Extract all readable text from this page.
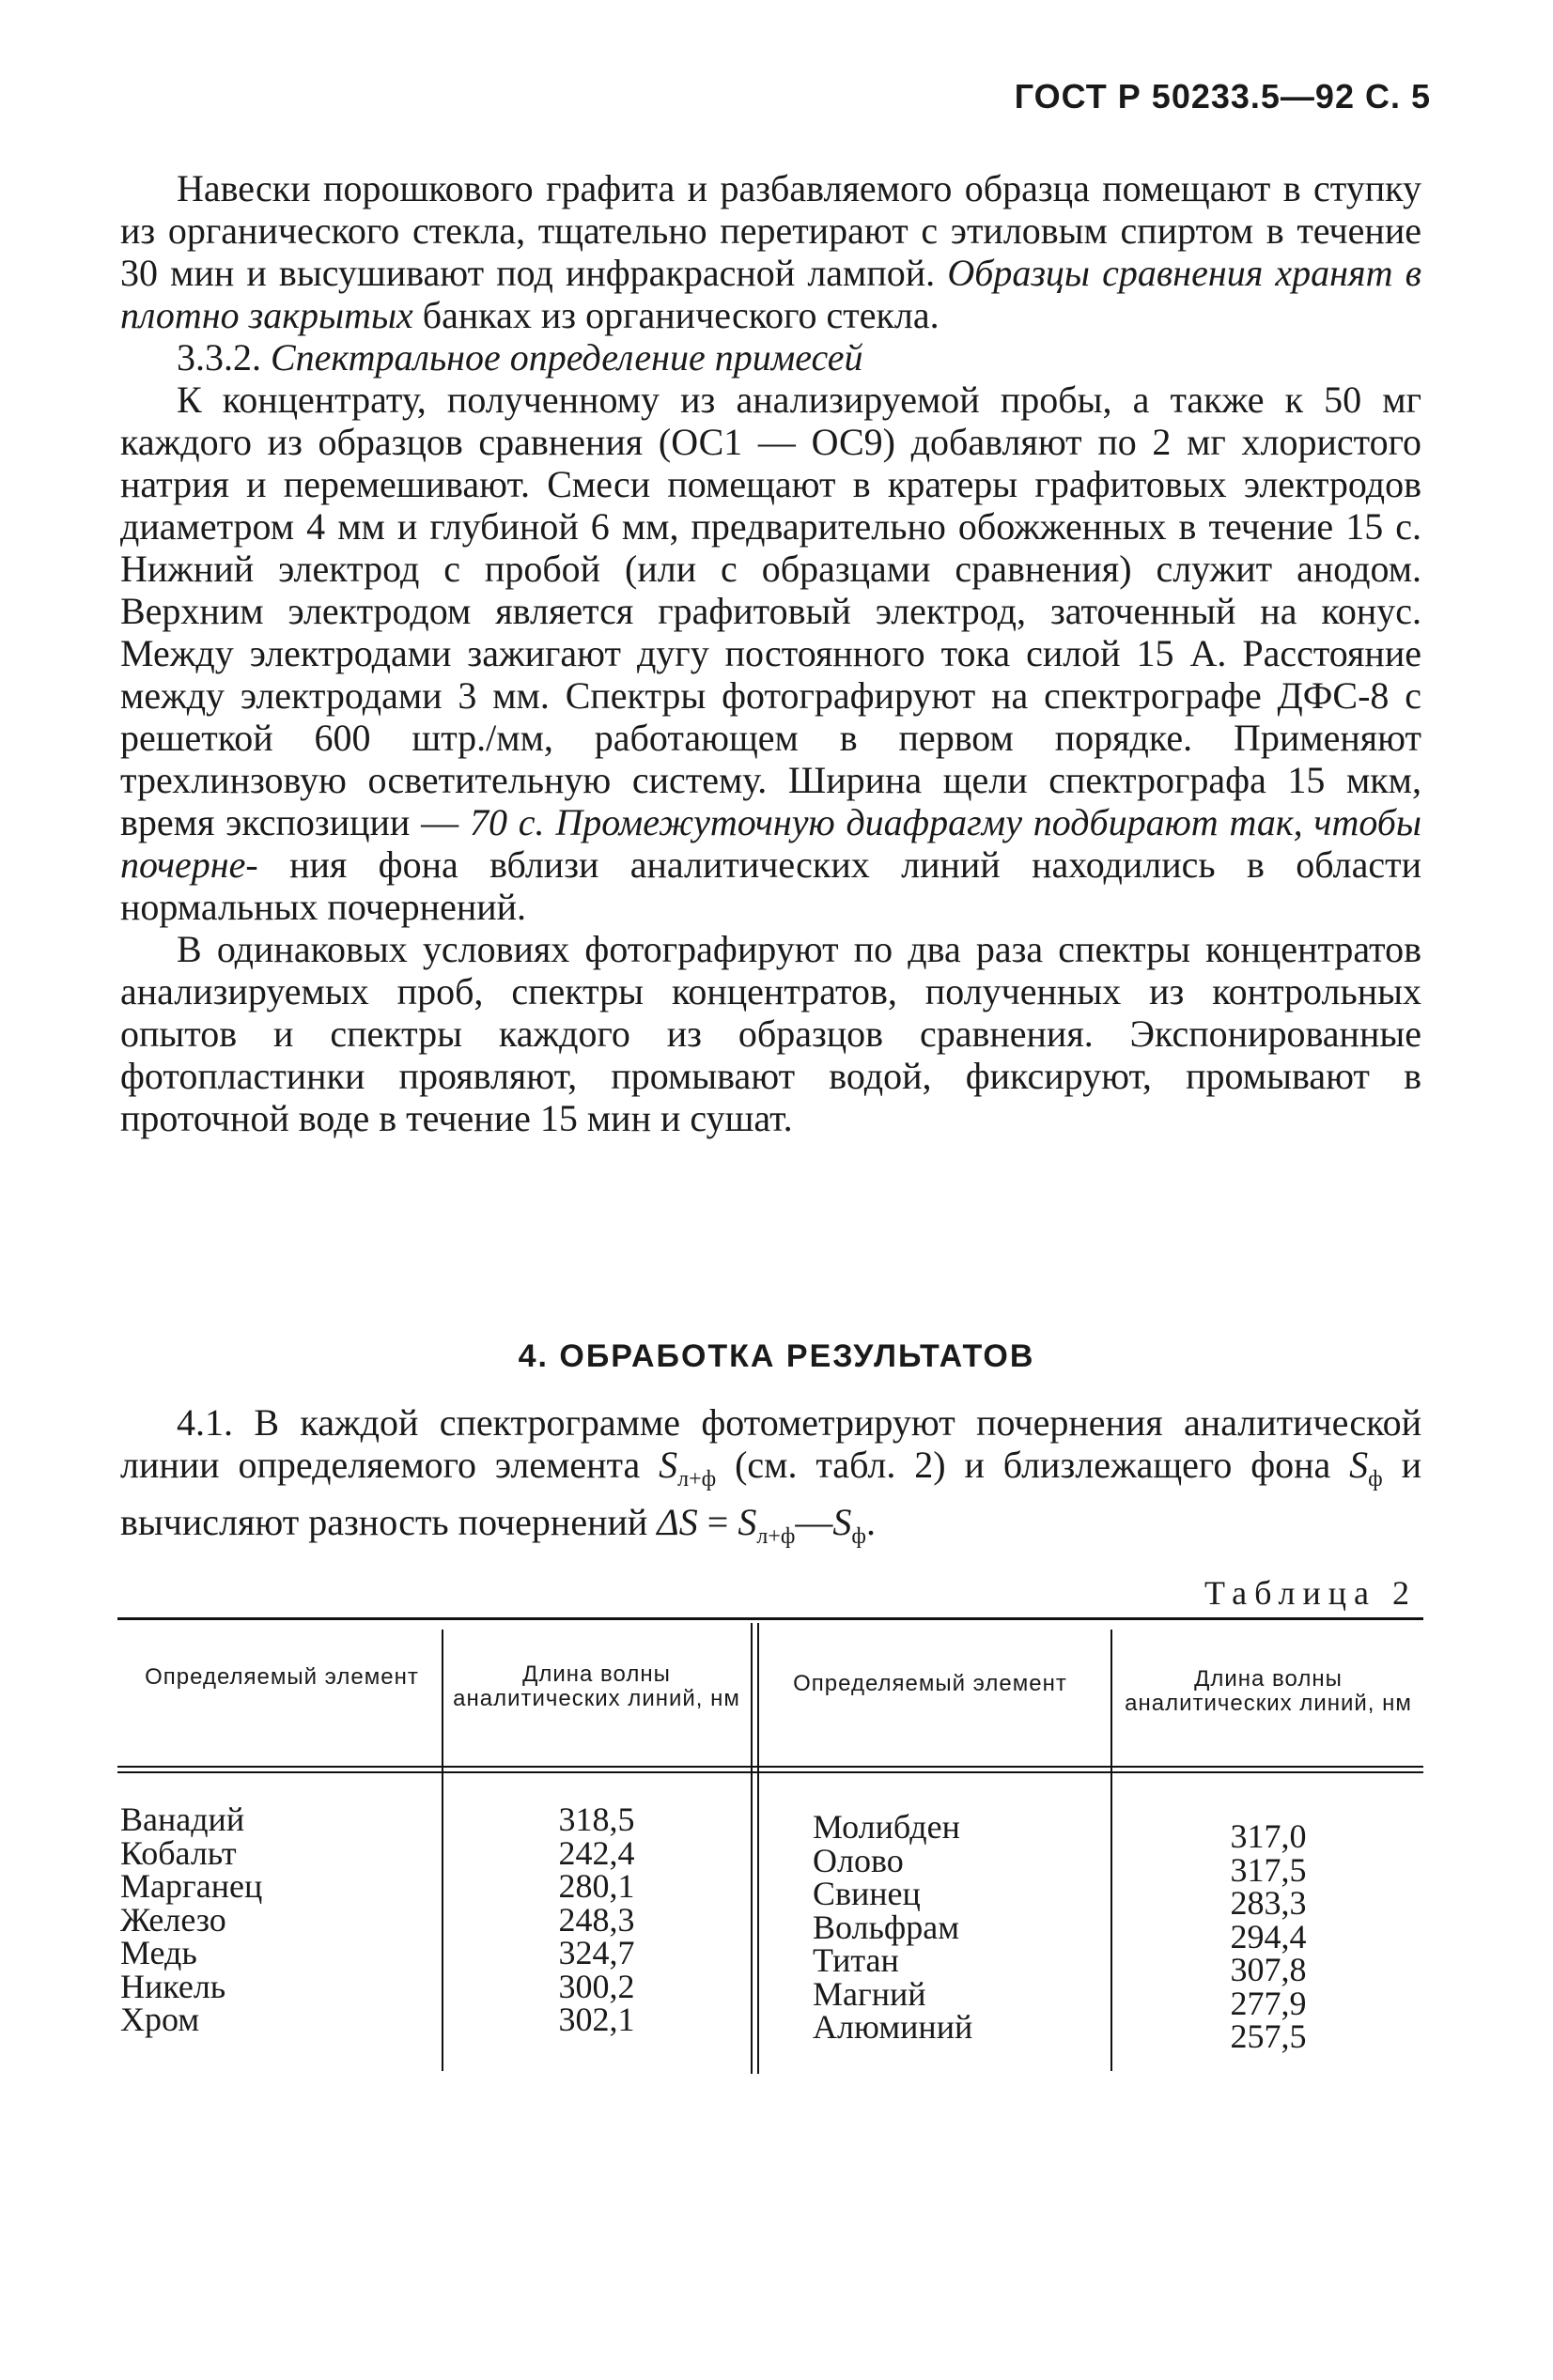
ГОСТ Р 50233.5—92 С. 5

Навески порошкового графита и разбавляемого образца помещают в ступку из органического стекла, тщательно перетирают с этиловым спиртом в течение 30 мин и высушивают под инфракрасной лампой. Образцы сравнения хранят в плотно закрытых банках из органического стекла.

3.3.2. Спектральное определение примесей

К концентрату, полученному из анализируемой пробы, а также к 50 мг каждого из образцов сравнения (ОС1 — ОС9) добавляют по 2 мг хлористого натрия и перемешивают. Смеси помещают в кратеры графитовых электродов диаметром 4 мм и глубиной 6 мм, предварительно обожженных в течение 15 с. Нижний электрод с пробой (или с образцами сравнения) служит анодом. Верхним электродом является графитовый электрод, заточенный на конус. Между электродами зажигают дугу постоянного тока силой 15 А. Расстояние между электродами 3 мм. Спектры фотографируют на спектрографе ДФС-8 с решеткой 600 штр./мм, работающем в первом порядке. Применяют трехлинзовую осветительную систему. Ширина щели спектрографа 15 мкм, время экспозиции — 70 с. Промежуточную диафрагму подбирают так, чтобы почерне- ния фона вблизи аналитических линий находились в области нормальных почернений.

В одинаковых условиях фотографируют по два раза спектры концентратов анализируемых проб, спектры концентратов, полученных из контрольных опытов и спектры каждого из образцов сравнения. Экспонированные фотопластинки проявляют, промывают водой, фиксируют, промывают в проточной воде в течение 15 мин и сушат.

4. ОБРАБОТКА РЕЗУЛЬТАТОВ

4.1. В каждой спектрограмме фотометрируют почернения аналитической линии определяемого элемента $S_{л+ф}$ (см. табл. 2) и близлежащего фона $S_ф$ и вычисляют разность почернений $\Delta S = S_{л+ф}—S_ф$.

Таблица 2
Определяемый элемент	Длина волны аналитических линий, нм
Определяемый элемент	Длина волны аналитических линий, нм
Ванадий
Кобальт
Марганец
Железо
Медь
Никель
Хром
318,5
242,4
280,1
248,3
324,7
300,2
302,1
Молибден
Олово
Свинец
Вольфрам
Титан
Магний
Алюминий
317,0
317,5
283,3
294,4
307,8
277,9
257,5
